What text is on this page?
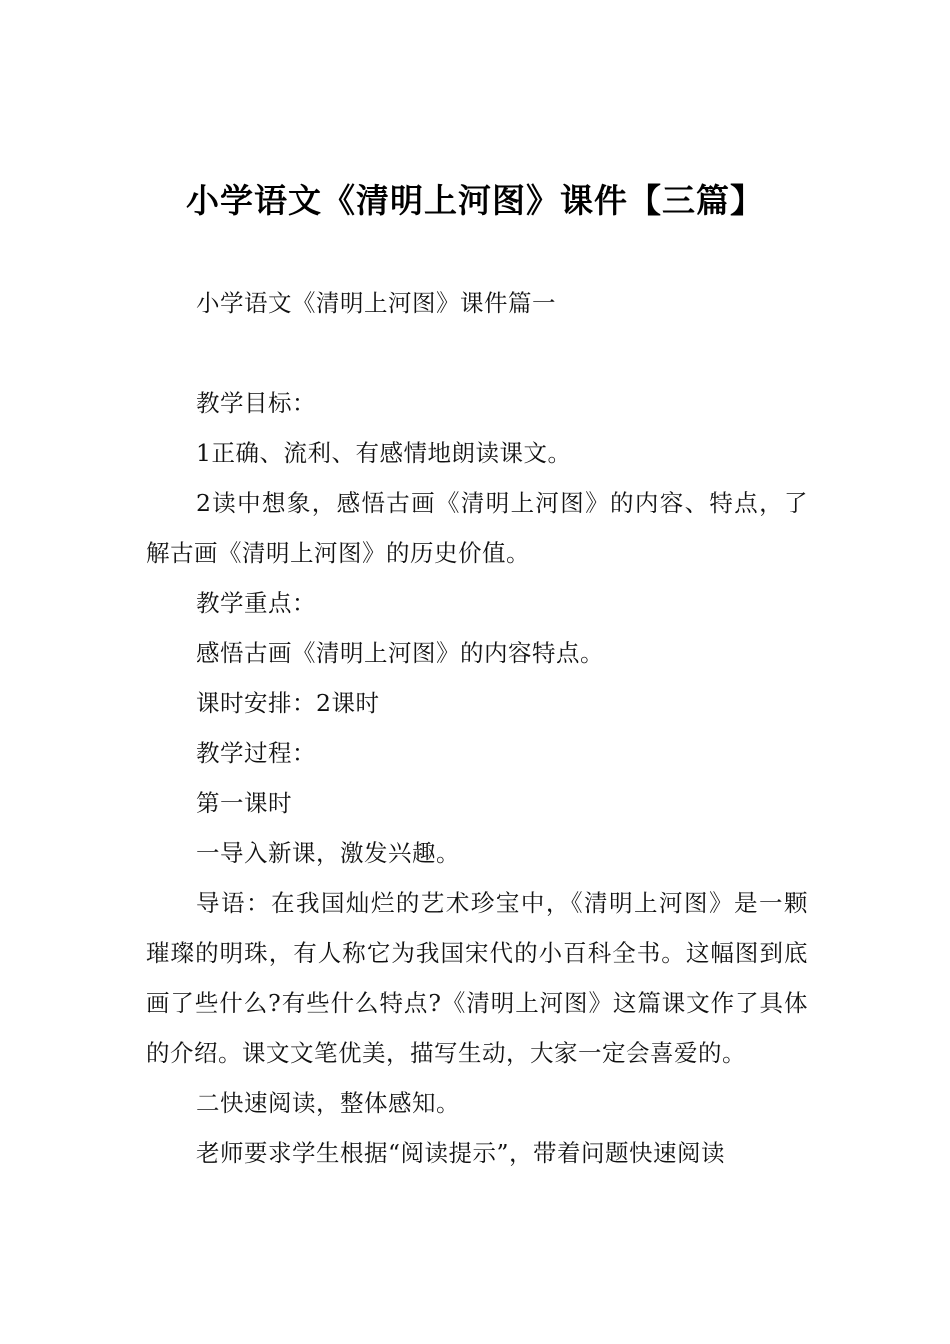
小学语文《清明上河图》课件【三篇】

小学语文《清明上河图》课件篇一

教学目标：

1正确、流利、有感情地朗读课文。

2读中想象，感悟古画《清明上河图》的内容、特点，了解古画《清明上河图》的历史价值。

教学重点：

感悟古画《清明上河图》的内容特点。

课时安排：2课时

教学过程：

第一课时

一导入新课，激发兴趣。

导语：在我国灿烂的艺术珍宝中，《清明上河图》是一颗璀璨的明珠，有人称它为我国宋代的小百科全书。这幅图到底画了些什么?有些什么特点?《清明上河图》这篇课文作了具体的介绍。课文文笔优美，描写生动，大家一定会喜爱的。

二快速阅读，整体感知。

老师要求学生根据“阅读提示”，带着问题快速阅读
